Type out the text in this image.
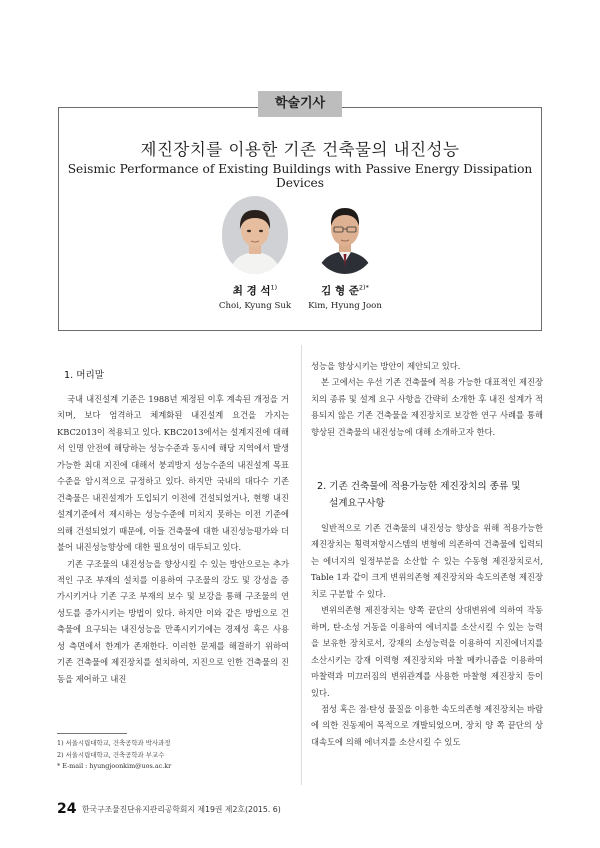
학술기사
제진장치를 이용한 기존 건축물의 내진성능
Seismic Performance of Existing Buildings with Passive Energy Dissipation Devices
최 경 석$^{1)}$
Choi, Kyung Suk
김 형 준$^{2)*}$
Kim, Hyung Joon
1. 머리말

국내 내진설계 기준은 1988년 제정된 이후 계속된 개정을 거치며, 보다 엄격하고 체계화된 내진설계 요건을 가지는 KBC2013이 적용되고 있다. KBC2013에서는 설계지진에 대해서 인명 안전에 해당하는 성능수준과 동시에 해당 지역에서 발생 가능한 최대 지진에 대해서 붕괴방지 성능수준의 내진설계 목표수준을 암시적으로 규정하고 있다. 하지만 국내의 대다수 기존 건축물은 내진설계가 도입되기 이전에 건설되었거나, 현행 내진설계기준에서 제시하는 성능수준에 미치지 못하는 이전 기준에 의해 건설되었기 때문에, 이들 건축물에 대한 내진성능평가와 더불어 내진성능향상에 대한 필요성이 대두되고 있다.

기존 구조물의 내진성능을 향상시킬 수 있는 방안으로는 추가적인 구조 부재의 설치를 이용하여 구조물의 강도 및 강성을 증가시키거나 기존 구조 부재의 보수 및 보강을 통해 구조물의 연성도를 증가시키는 방법이 있다. 하지만 이와 같은 방법으로 건축물에 요구되는 내진성능을 만족시키기에는 경제성 혹은 사용성 측면에서 한계가 존재한다. 이러한 문제를 해결하기 위하여 기존 건축물에 제진장치를 설치하여, 지진으로 인한 건축물의 진동을 제어하고 내진

성능을 향상시키는 방안이 제안되고 있다.

본 고에서는 우선 기존 건축물에 적용 가능한 대표적인 제진장치의 종류 및 설계 요구 사항을 간략히 소개한 후 내진 설계가 적용되지 않은 기존 건축물을 제진장치로 보강한 연구 사례를 통해 향상된 건축물의 내진성능에 대해 소개하고자 한다.

2. 기존 건축물에 적용가능한 제진장치의 종류 및
설계요구사항

일반적으로 기존 건축물의 내진성능 향상을 위해 적용가능한 제진장치는 횡력저항시스템의 변형에 의존하여 건축물에 입력되는 에너지의 일정부분을 소산할 수 있는 수동형 제진장치로서, Table 1과 같이 크게 변위의존형 제진장치와 속도의존형 제진장치로 구분할 수 있다.

변위의존형 제진장치는 양쪽 끝단의 상대변위에 의하여 작동하며, 탄-소성 거동을 이용하여 에너지를 소산시킬 수 있는 능력을 보유한 장치로서, 강재의 소성능력을 이용하여 지진에너지를 소산시키는 강재 이력형 제진장치와 마찰 메카니즘을 이용하여 마찰력과 미끄러짐의 변위관계를 사용한 마찰형 제진장치 등이 있다.

점성 혹은 점·탄성 물질을 이용한 속도의존형 제진장치는 바람에 의한 진동제어 목적으로 개발되었으며, 장치 양 쪽 끝단의 상대속도에 의해 에너지를 소산시킬 수 있도

1) 서울시립대학교, 건축공학과 박사과정
2) 서울시립대학교, 건축공학과 부교수
* E-mail : hyungjoonkim@uos.ac.kr
24 한국구조물진단유지관리공학회지 제19권 제2호(2015. 6)
